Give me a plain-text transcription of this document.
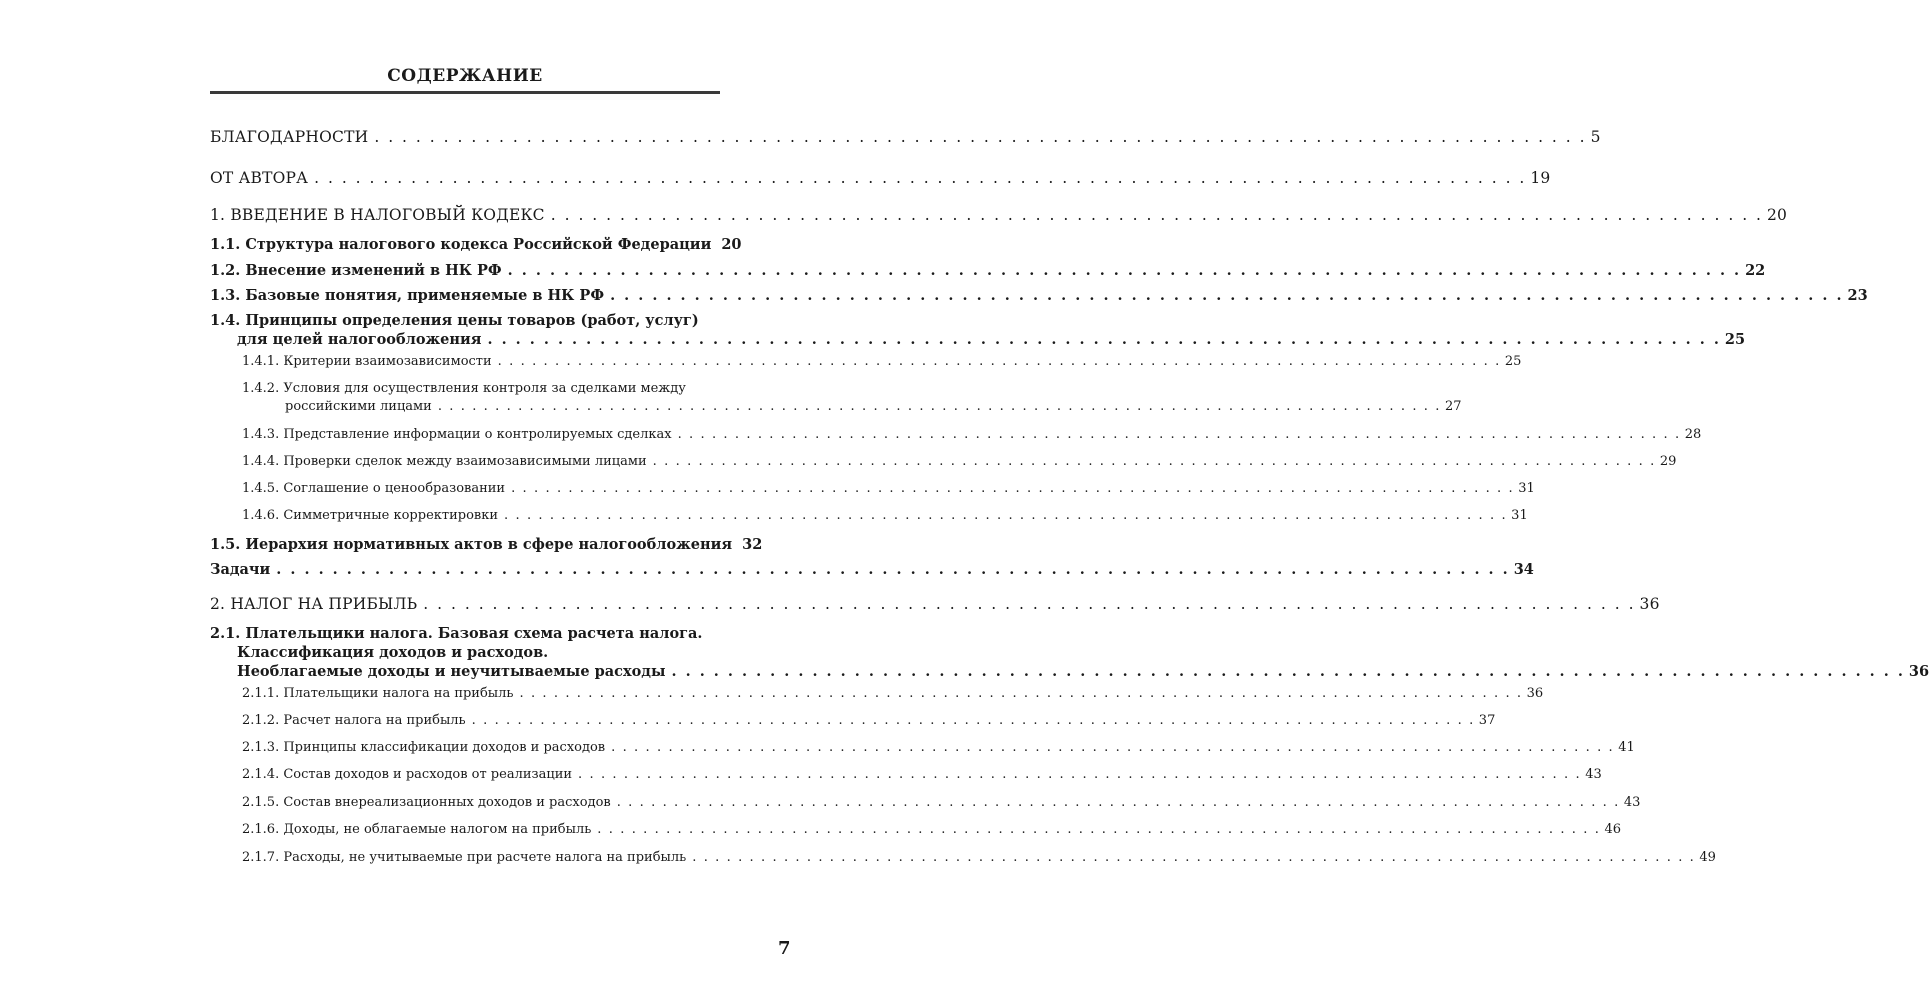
СОДЕРЖАНИЕ
БЛАГОДАРНОСТИ . . . . . . . . . . . . . . . . . . . . . . . . . . . . . . . . . . . . . . . . . . . . . . . . . . . . . . . . . . . . . . . . . . . . . . . . . . . . . . . . . . . . . . . . 5
ОТ АВТОРА . . . . . . . . . . . . . . . . . . . . . . . . . . . . . . . . . . . . . . . . . . . . . . . . . . . . . . . . . . . . . . . . . . . . . . . . . . . . . . . . . . . . . . . . 19
1. ВВЕДЕНИЕ В НАЛОГОВЫЙ КОДЕКС . . . . . . . . . . . . . . . . . . . . . . . . . . . . . . . . . . . . . . . . . . . . . . . . . . . . . . . . . . . . . . . . . . . . . . . . . . . . . . . . . . . . . . . . 20
1.1. Структура налогового кодекса Российской Федерации 20
1.2. Внесение изменений в НК РФ . . . . . . . . . . . . . . . . . . . . . . . . . . . . . . . . . . . . . . . . . . . . . . . . . . . . . . . . . . . . . . . . . . . . . . . . . . . . . . . . . . . . . . . . 22
1.3. Базовые понятия, применяемые в НК РФ . . . . . . . . . . . . . . . . . . . . . . . . . . . . . . . . . . . . . . . . . . . . . . . . . . . . . . . . . . . . . . . . . . . . . . . . . . . . . . . . . . . . . . . . 23
1.4. Принципы определения цены товаров (работ, услуг)
для целей налогообложения . . . . . . . . . . . . . . . . . . . . . . . . . . . . . . . . . . . . . . . . . . . . . . . . . . . . . . . . . . . . . . . . . . . . . . . . . . . . . . . . . . . . . . . . 25
1.4.1. Критерии взаимозависимости . . . . . . . . . . . . . . . . . . . . . . . . . . . . . . . . . . . . . . . . . . . . . . . . . . . . . . . . . . . . . . . . . . . . . . . . . . . . . . . . . . . . . . . . 25
1.4.2. Условия для осуществления контроля за сделками между
российскими лицами . . . . . . . . . . . . . . . . . . . . . . . . . . . . . . . . . . . . . . . . . . . . . . . . . . . . . . . . . . . . . . . . . . . . . . . . . . . . . . . . . . . . . . . . 27
1.4.3. Представление информации о контролируемых сделках . . . . . . . . . . . . . . . . . . . . . . . . . . . . . . . . . . . . . . . . . . . . . . . . . . . . . . . . . . . . . . . . . . . . . . . . . . . . . . . . . . . . . . . . 28
1.4.4. Проверки сделок между взаимозависимыми лицами . . . . . . . . . . . . . . . . . . . . . . . . . . . . . . . . . . . . . . . . . . . . . . . . . . . . . . . . . . . . . . . . . . . . . . . . . . . . . . . . . . . . . . . . 29
1.4.5. Соглашение о ценообразовании . . . . . . . . . . . . . . . . . . . . . . . . . . . . . . . . . . . . . . . . . . . . . . . . . . . . . . . . . . . . . . . . . . . . . . . . . . . . . . . . . . . . . . . . 31
1.4.6. Симметричные корректировки . . . . . . . . . . . . . . . . . . . . . . . . . . . . . . . . . . . . . . . . . . . . . . . . . . . . . . . . . . . . . . . . . . . . . . . . . . . . . . . . . . . . . . . . 31
1.5. Иерархия нормативных актов в сфере налогообложения 32
Задачи . . . . . . . . . . . . . . . . . . . . . . . . . . . . . . . . . . . . . . . . . . . . . . . . . . . . . . . . . . . . . . . . . . . . . . . . . . . . . . . . . . . . . . . . 34
2. НАЛОГ НА ПРИБЫЛЬ . . . . . . . . . . . . . . . . . . . . . . . . . . . . . . . . . . . . . . . . . . . . . . . . . . . . . . . . . . . . . . . . . . . . . . . . . . . . . . . . . . . . . . . . 36
2.1. Плательщики налога. Базовая схема расчета налога.
Классификация доходов и расходов.
Необлагаемые доходы и неучитываемые расходы . . . . . . . . . . . . . . . . . . . . . . . . . . . . . . . . . . . . . . . . . . . . . . . . . . . . . . . . . . . . . . . . . . . . . . . . . . . . . . . . . . . . . . . . 36
2.1.1. Плательщики налога на прибыль . . . . . . . . . . . . . . . . . . . . . . . . . . . . . . . . . . . . . . . . . . . . . . . . . . . . . . . . . . . . . . . . . . . . . . . . . . . . . . . . . . . . . . . . 36
2.1.2. Расчет налога на прибыль . . . . . . . . . . . . . . . . . . . . . . . . . . . . . . . . . . . . . . . . . . . . . . . . . . . . . . . . . . . . . . . . . . . . . . . . . . . . . . . . . . . . . . . . 37
2.1.3. Принципы классификации доходов и расходов . . . . . . . . . . . . . . . . . . . . . . . . . . . . . . . . . . . . . . . . . . . . . . . . . . . . . . . . . . . . . . . . . . . . . . . . . . . . . . . . . . . . . . . . 41
2.1.4. Состав доходов и расходов от реализации . . . . . . . . . . . . . . . . . . . . . . . . . . . . . . . . . . . . . . . . . . . . . . . . . . . . . . . . . . . . . . . . . . . . . . . . . . . . . . . . . . . . . . . . 43
2.1.5. Состав внереализационных доходов и расходов . . . . . . . . . . . . . . . . . . . . . . . . . . . . . . . . . . . . . . . . . . . . . . . . . . . . . . . . . . . . . . . . . . . . . . . . . . . . . . . . . . . . . . . . 43
2.1.6. Доходы, не облагаемые налогом на прибыль . . . . . . . . . . . . . . . . . . . . . . . . . . . . . . . . . . . . . . . . . . . . . . . . . . . . . . . . . . . . . . . . . . . . . . . . . . . . . . . . . . . . . . . . 46
2.1.7. Расходы, не учитываемые при расчете налога на прибыль . . . . . . . . . . . . . . . . . . . . . . . . . . . . . . . . . . . . . . . . . . . . . . . . . . . . . . . . . . . . . . . . . . . . . . . . . . . . . . . . . . . . . . . . 49
7
